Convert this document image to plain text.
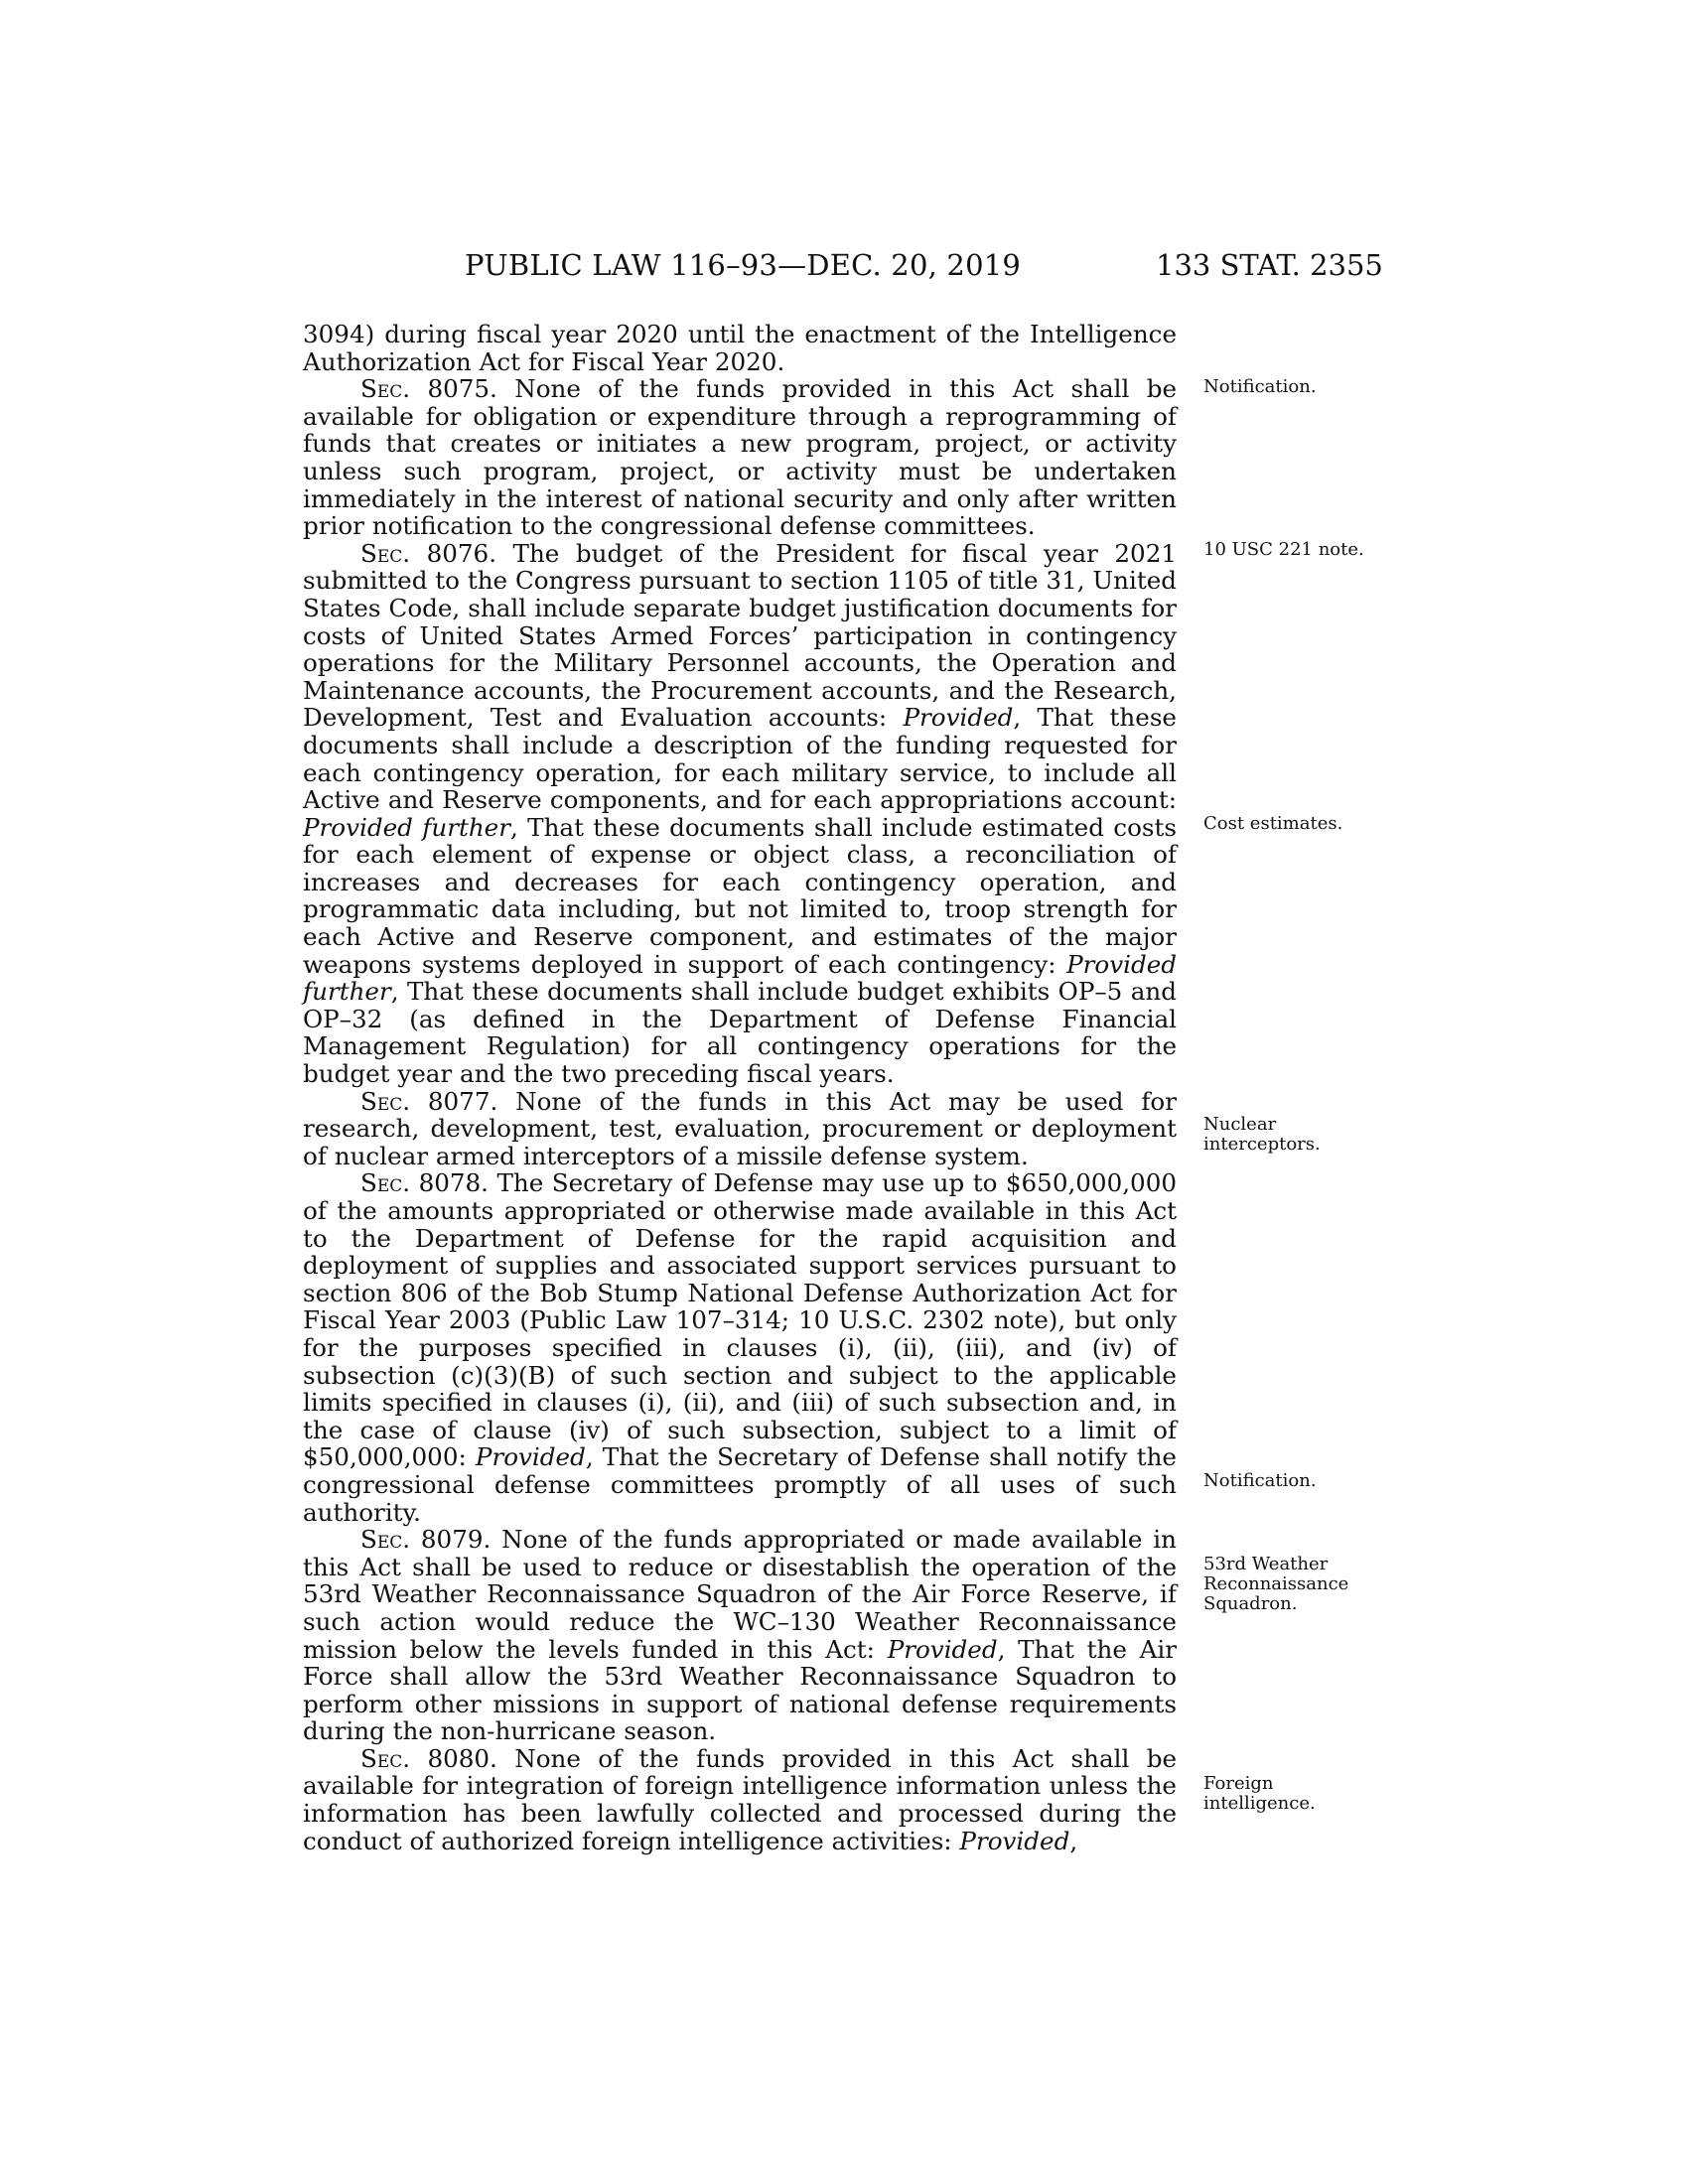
PUBLIC LAW 116–93—DEC. 20, 2019	133 STAT. 2355

3094) during fiscal year 2020 until the enactment of the Intelligence Authorization Act for Fiscal Year 2020.

Sec. 8075. None of the funds provided in this Act shall be available for obligation or expenditure through a reprogramming of funds that creates or initiates a new program, project, or activity unless such program, project, or activity must be undertaken immediately in the interest of national security and only after written prior notification to the congressional defense committees.

Sec. 8076. The budget of the President for fiscal year 2021 submitted to the Congress pursuant to section 1105 of title 31, United States Code, shall include separate budget justification documents for costs of United States Armed Forces’ participation in contingency operations for the Military Personnel accounts, the Operation and Maintenance accounts, the Procurement accounts, and the Research, Development, Test and Evaluation accounts: Provided, That these documents shall include a description of the funding requested for each contingency operation, for each military service, to include all Active and Reserve components, and for each appropriations account: Provided further, That these documents shall include estimated costs for each element of expense or object class, a reconciliation of increases and decreases for each contingency operation, and programmatic data including, but not limited to, troop strength for each Active and Reserve component, and estimates of the major weapons systems deployed in support of each contingency: Provided further, That these documents shall include budget exhibits OP–5 and OP–32 (as defined in the Department of Defense Financial Management Regulation) for all contingency operations for the budget year and the two preceding fiscal years.

Sec. 8077. None of the funds in this Act may be used for research, development, test, evaluation, procurement or deployment of nuclear armed interceptors of a missile defense system.

Sec. 8078. The Secretary of Defense may use up to $650,000,000 of the amounts appropriated or otherwise made available in this Act to the Department of Defense for the rapid acquisition and deployment of supplies and associated support services pursuant to section 806 of the Bob Stump National Defense Authorization Act for Fiscal Year 2003 (Public Law 107–314; 10 U.S.C. 2302 note), but only for the purposes specified in clauses (i), (ii), (iii), and (iv) of subsection (c)(3)(B) of such section and subject to the applicable limits specified in clauses (i), (ii), and (iii) of such subsection and, in the case of clause (iv) of such subsection, subject to a limit of $50,000,000: Provided, That the Secretary of Defense shall notify the congressional defense committees promptly of all uses of such authority.

Sec. 8079. None of the funds appropriated or made available in this Act shall be used to reduce or disestablish the operation of the 53rd Weather Reconnaissance Squadron of the Air Force Reserve, if such action would reduce the WC–130 Weather Reconnaissance mission below the levels funded in this Act: Provided, That the Air Force shall allow the 53rd Weather Reconnaissance Squadron to perform other missions in support of national defense requirements during the non-hurricane season.

Sec. 8080. None of the funds provided in this Act shall be available for integration of foreign intelligence information unless the information has been lawfully collected and processed during the conduct of authorized foreign intelligence activities: Provided,

Notification.
10 USC 221 note.
Cost estimates.
Nuclear
interceptors.
Notification.
53rd Weather
Reconnaissance
Squadron.
Foreign
intelligence.
